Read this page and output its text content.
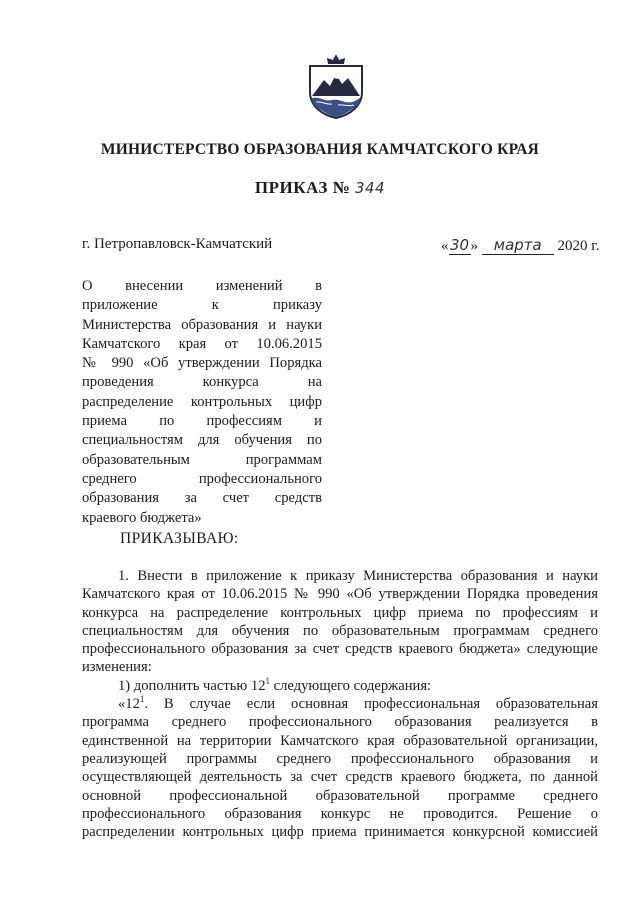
МИНИСТЕРСТВО ОБРАЗОВАНИЯ КАМЧАТСКОГО КРАЯ
ПРИКАЗ № 344
г. Петропавловск-Камчатский	«30» марта 2020 г.
О внесении изменений в
приложение к приказу
Министерства образования и науки
Камчатского края от 10.06.2015
№ 990 «Об утверждении Порядка
проведения конкурса на
распределение контрольных цифр
приема по профессиям и
специальностям для обучения по
образовательным программам
среднего профессионального
образования за счет средств
краевого бюджета»
ПРИКАЗЫВАЮ:
1. Внести в приложение к приказу Министерства образования и науки
Камчатского края от 10.06.2015 № 990 «Об утверждении Порядка проведения
конкурса на распределение контрольных цифр приема по профессиям и
специальностям для обучения по образовательным программам среднего
профессионального образования за счет средств краевого бюджета» следующие
изменения:
1) дополнить частью $12^1$ следующего содержания:
«$12^1$. В случае если основная профессиональная образовательная
программа среднего профессионального образования реализуется в
единственной на территории Камчатского края образовательной организации,
реализующей программы среднего профессионального образования и
осуществляющей деятельность за счет средств краевого бюджета, по данной
основной профессиональной образовательной программе среднего
профессионального образования конкурс не проводится. Решение о
распределении контрольных цифр приема принимается конкурсной комиссией
